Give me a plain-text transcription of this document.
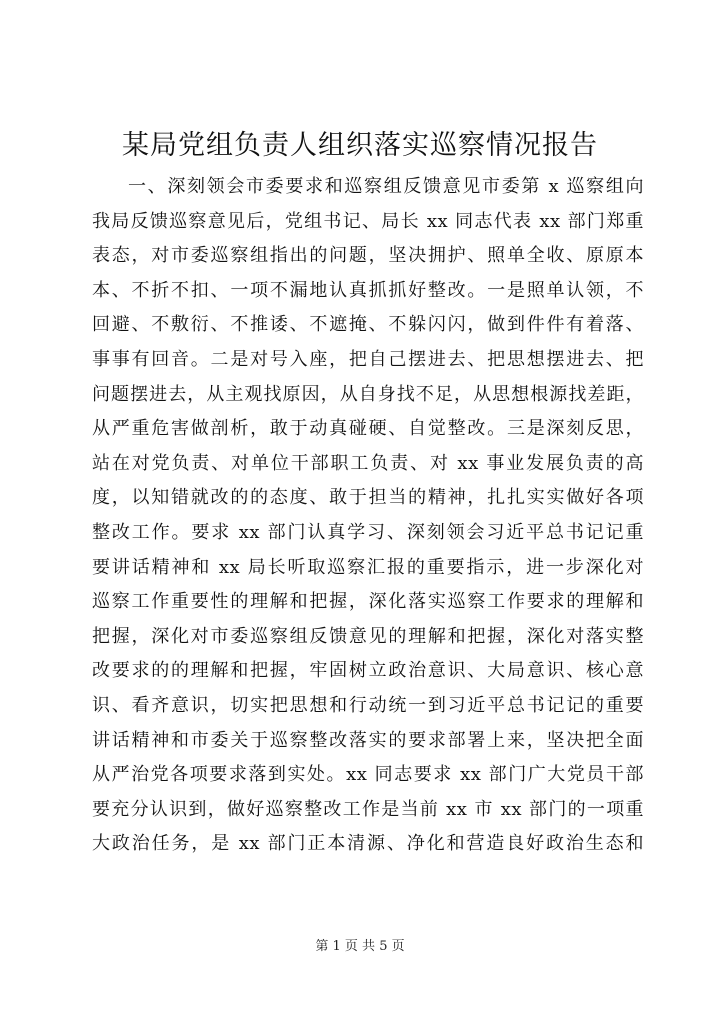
某局党组负责人组织落实巡察情况报告
一、深刻领会市委要求和巡察组反馈意见市委第 x 巡察组向
我局反馈巡察意见后，党组书记、局长 xx 同志代表 xx 部门郑重
表态，对市委巡察组指出的问题，坚决拥护、照单全收、原原本
本、不折不扣、一项不漏地认真抓抓好整改。一是照单认领，不
回避、不敷衍、不推诿、不遮掩、不躲闪闪，做到件件有着落、
事事有回音。二是对号入座，把自己摆进去、把思想摆进去、把
问题摆进去，从主观找原因，从自身找不足，从思想根源找差距，
从严重危害做剖析，敢于动真碰硬、自觉整改。三是深刻反思，
站在对党负责、对单位干部职工负责、对 xx 事业发展负责的高
度，以知错就改的的态度、敢于担当的精神，扎扎实实做好各项
整改工作。要求 xx 部门认真学习、深刻领会习近平总书记记重
要讲话精神和 xx 局长听取巡察汇报的重要指示，进一步深化对
巡察工作重要性的理解和把握，深化落实巡察工作要求的理解和
把握，深化对市委巡察组反馈意见的理解和把握，深化对落实整
改要求的的理解和把握，牢固树立政治意识、大局意识、核心意
识、看齐意识，切实把思想和行动统一到习近平总书记记的重要
讲话精神和市委关于巡察整改落实的要求部署上来，坚决把全面
从严治党各项要求落到实处。xx 同志要求 xx 部门广大党员干部
要充分认识到，做好巡察整改工作是当前 xx 市 xx 部门的一项重
大政治任务，是 xx 部门正本清源、净化和营造良好政治生态和
第 1 页 共 5 页
